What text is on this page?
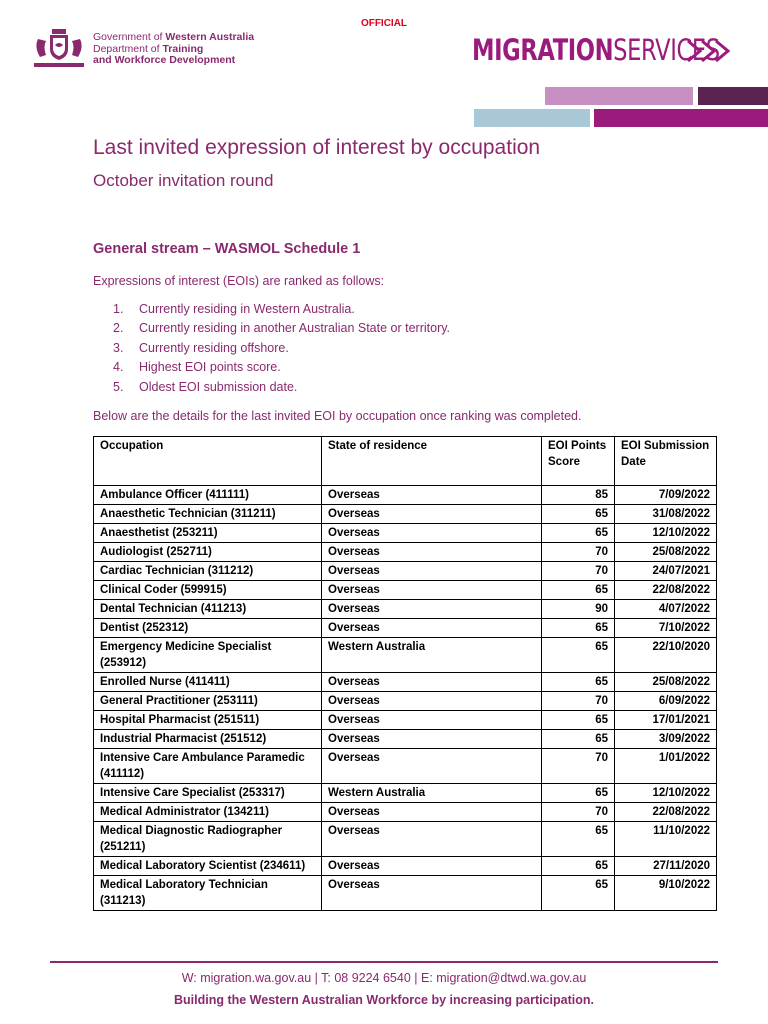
OFFICIAL
Government of Western Australia
Department of Training
and Workforce Development	MIGRATIONSERVICES
Last invited expression of interest by occupation
October invitation round
General stream – WASMOL Schedule 1
Expressions of interest (EOIs) are ranked as follows:
1. Currently residing in Western Australia.
2. Currently residing in another Australian State or territory.
3. Currently residing offshore.
4. Highest EOI points score.
5. Oldest EOI submission date.
Below are the details for the last invited EOI by occupation once ranking was completed.
Occupation	State of residence	EOI Points Score	EOI Submission Date
Ambulance Officer (411111)	Overseas	85	7/09/2022
Anaesthetic Technician (311211)	Overseas	65	31/08/2022
Anaesthetist (253211)	Overseas	65	12/10/2022
Audiologist (252711)	Overseas	70	25/08/2022
Cardiac Technician (311212)	Overseas	70	24/07/2021
Clinical Coder (599915)	Overseas	65	22/08/2022
Dental Technician (411213)	Overseas	90	4/07/2022
Dentist (252312)	Overseas	65	7/10/2022
Emergency Medicine Specialist (253912)	Western Australia	65	22/10/2020
Enrolled Nurse (411411)	Overseas	65	25/08/2022
General Practitioner (253111)	Overseas	70	6/09/2022
Hospital Pharmacist (251511)	Overseas	65	17/01/2021
Industrial Pharmacist (251512)	Overseas	65	3/09/2022
Intensive Care Ambulance Paramedic (411112)	Overseas	70	1/01/2022
Intensive Care Specialist (253317)	Western Australia	65	12/10/2022
Medical Administrator (134211)	Overseas	70	22/08/2022
Medical Diagnostic Radiographer (251211)	Overseas	65	11/10/2022
Medical Laboratory Scientist (234611)	Overseas	65	27/11/2020
Medical Laboratory Technician (311213)	Overseas	65	9/10/2022
W: migration.wa.gov.au | T: 08 9224 6540 | E: migration@dtwd.wa.gov.au
Building the Western Australian Workforce by increasing participation.
